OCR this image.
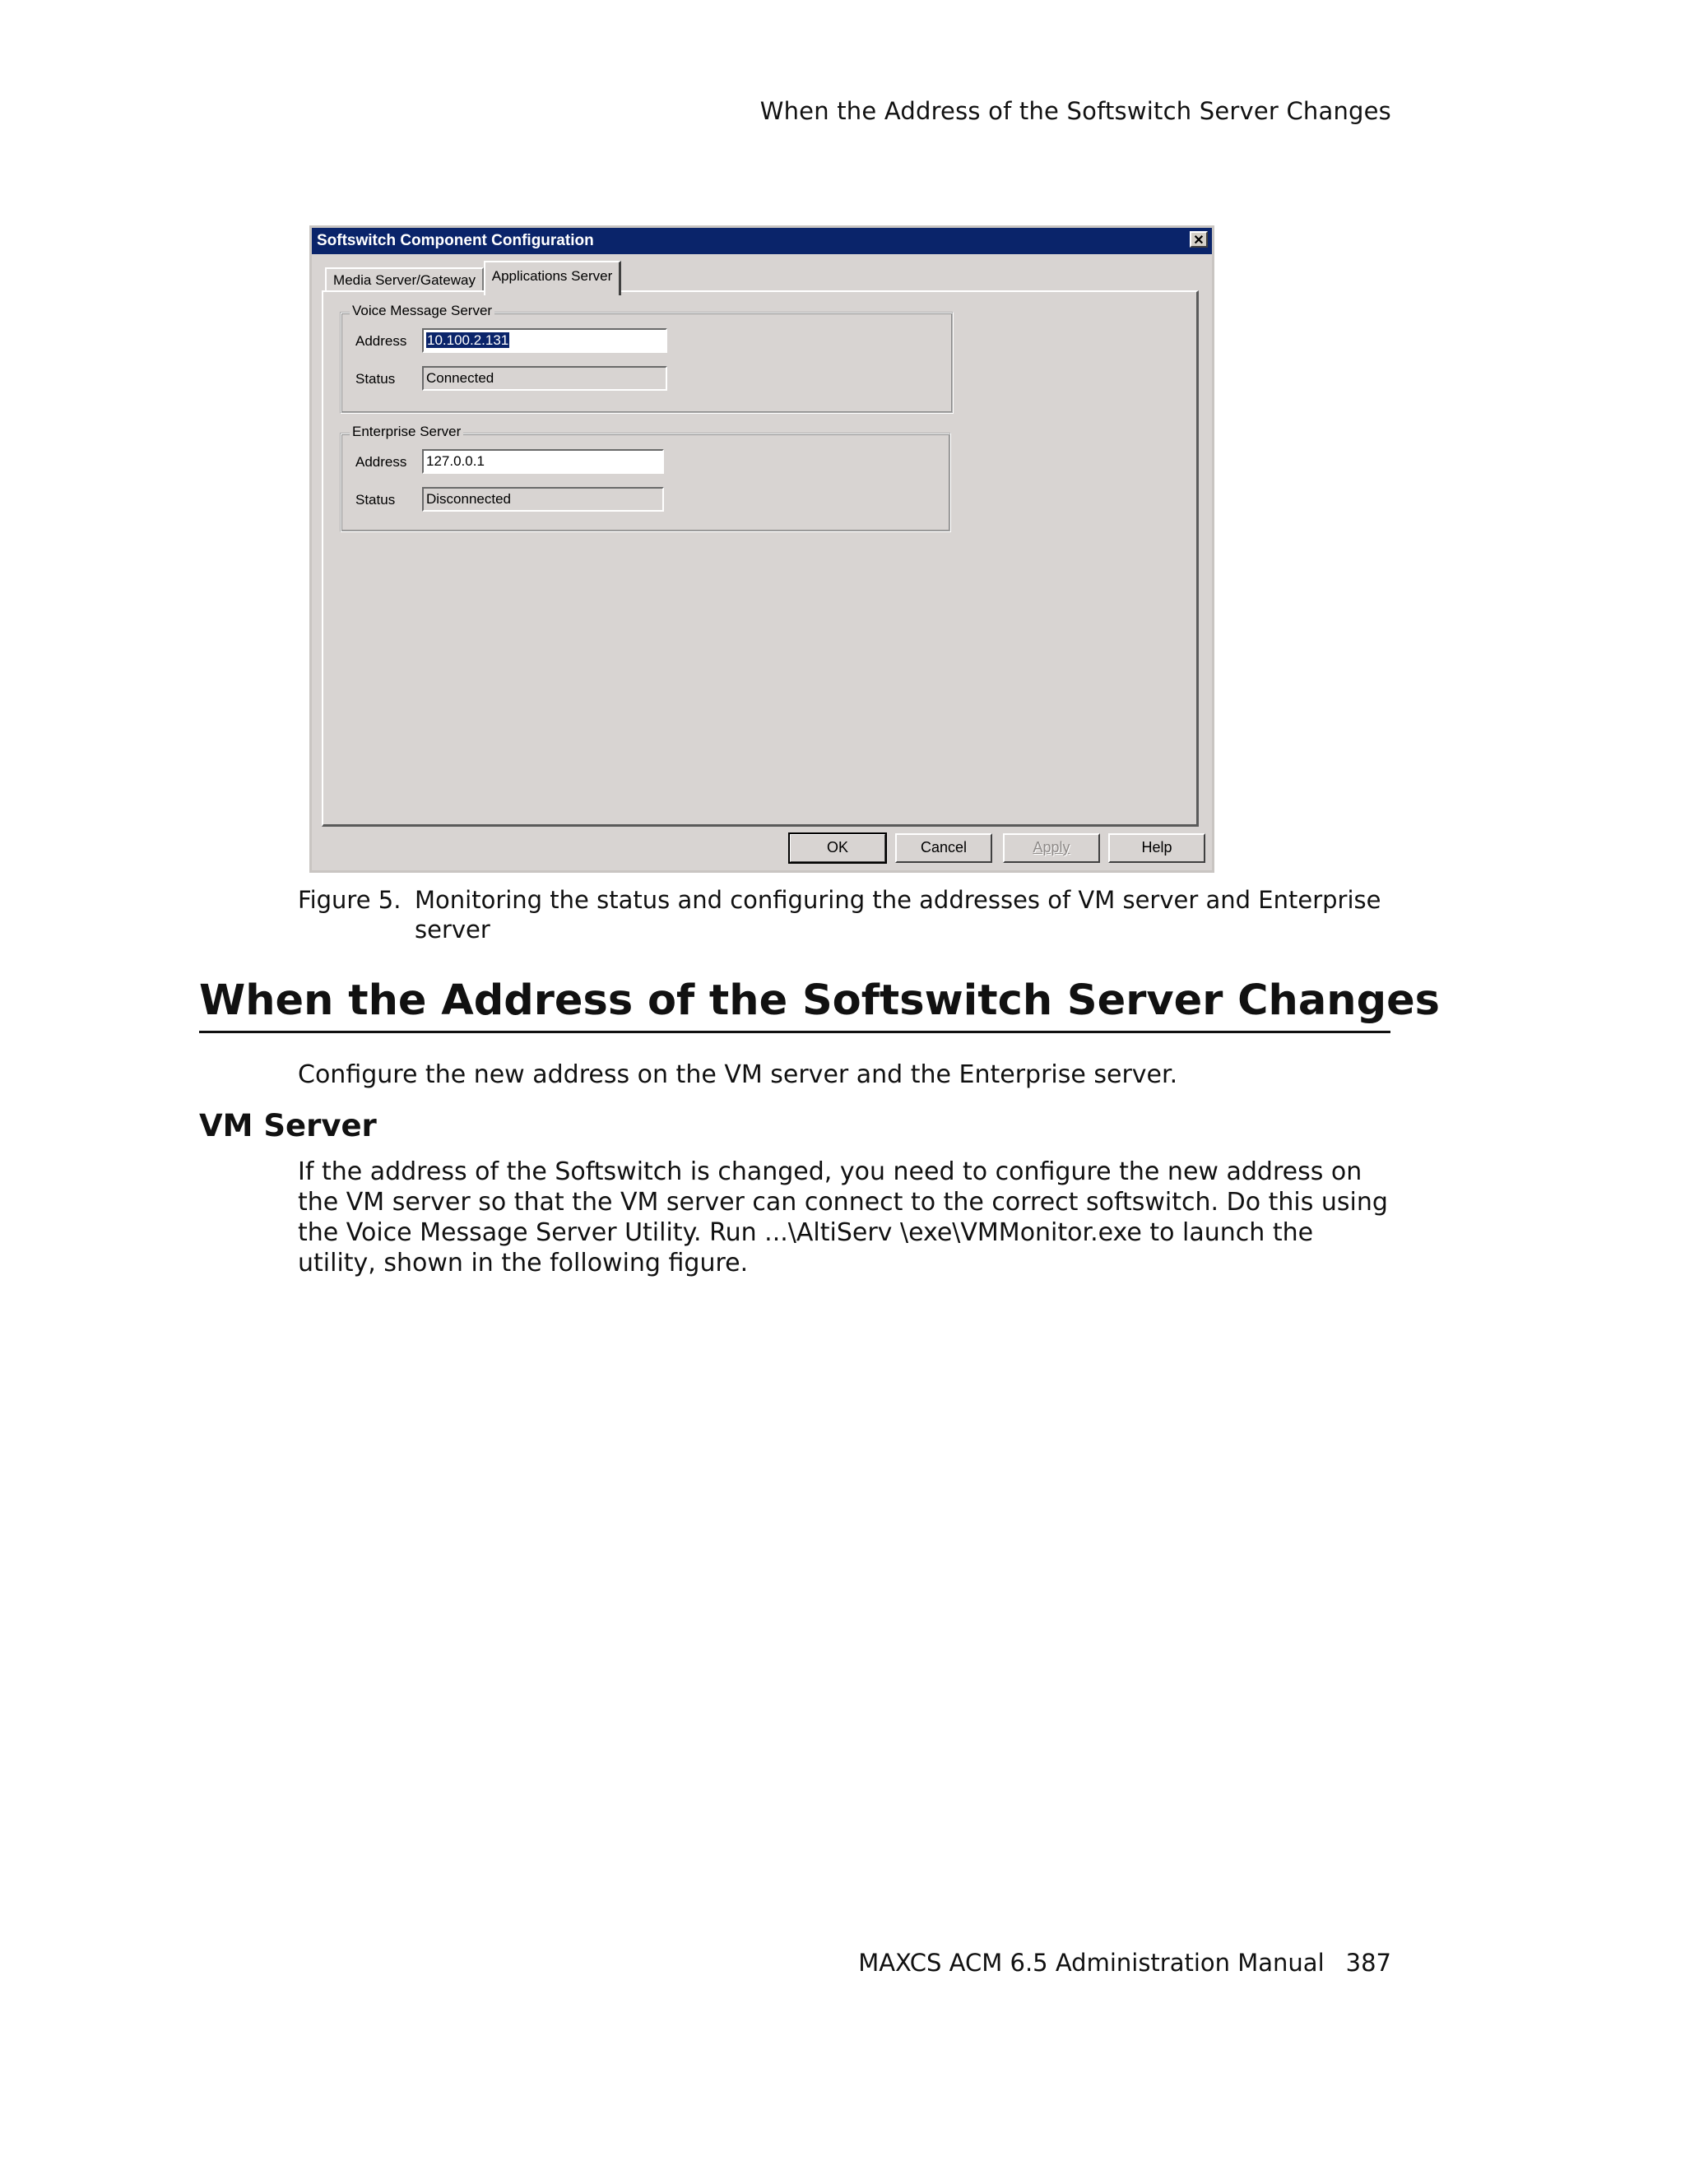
When the Address of the Softswitch Server Changes
Softswitch Component Configuration	✕
Media Server/Gateway	Applications Server
Voice Message Server
Address	10.100.2.131
Status Connected
Enterprise Server
Address 127.0.0.1
Status Disconnected
OK	Cancel	Apply	Help
Figure 5. Monitoring the status and configuring the addresses of VM server and Enterprise server
When the Address of the Softswitch Server Changes
Configure the new address on the VM server and the Enterprise server.
VM Server
If the address of the Softswitch is changed, you need to configure the new address on the VM server so that the VM server can connect to the correct softswitch. Do this using the Voice Message Server Utility. Run ...\AltiServ \exe\VMMonitor.exe to launch the utility, shown in the following figure.
MAXCS ACM 6.5 Administration Manual 387
